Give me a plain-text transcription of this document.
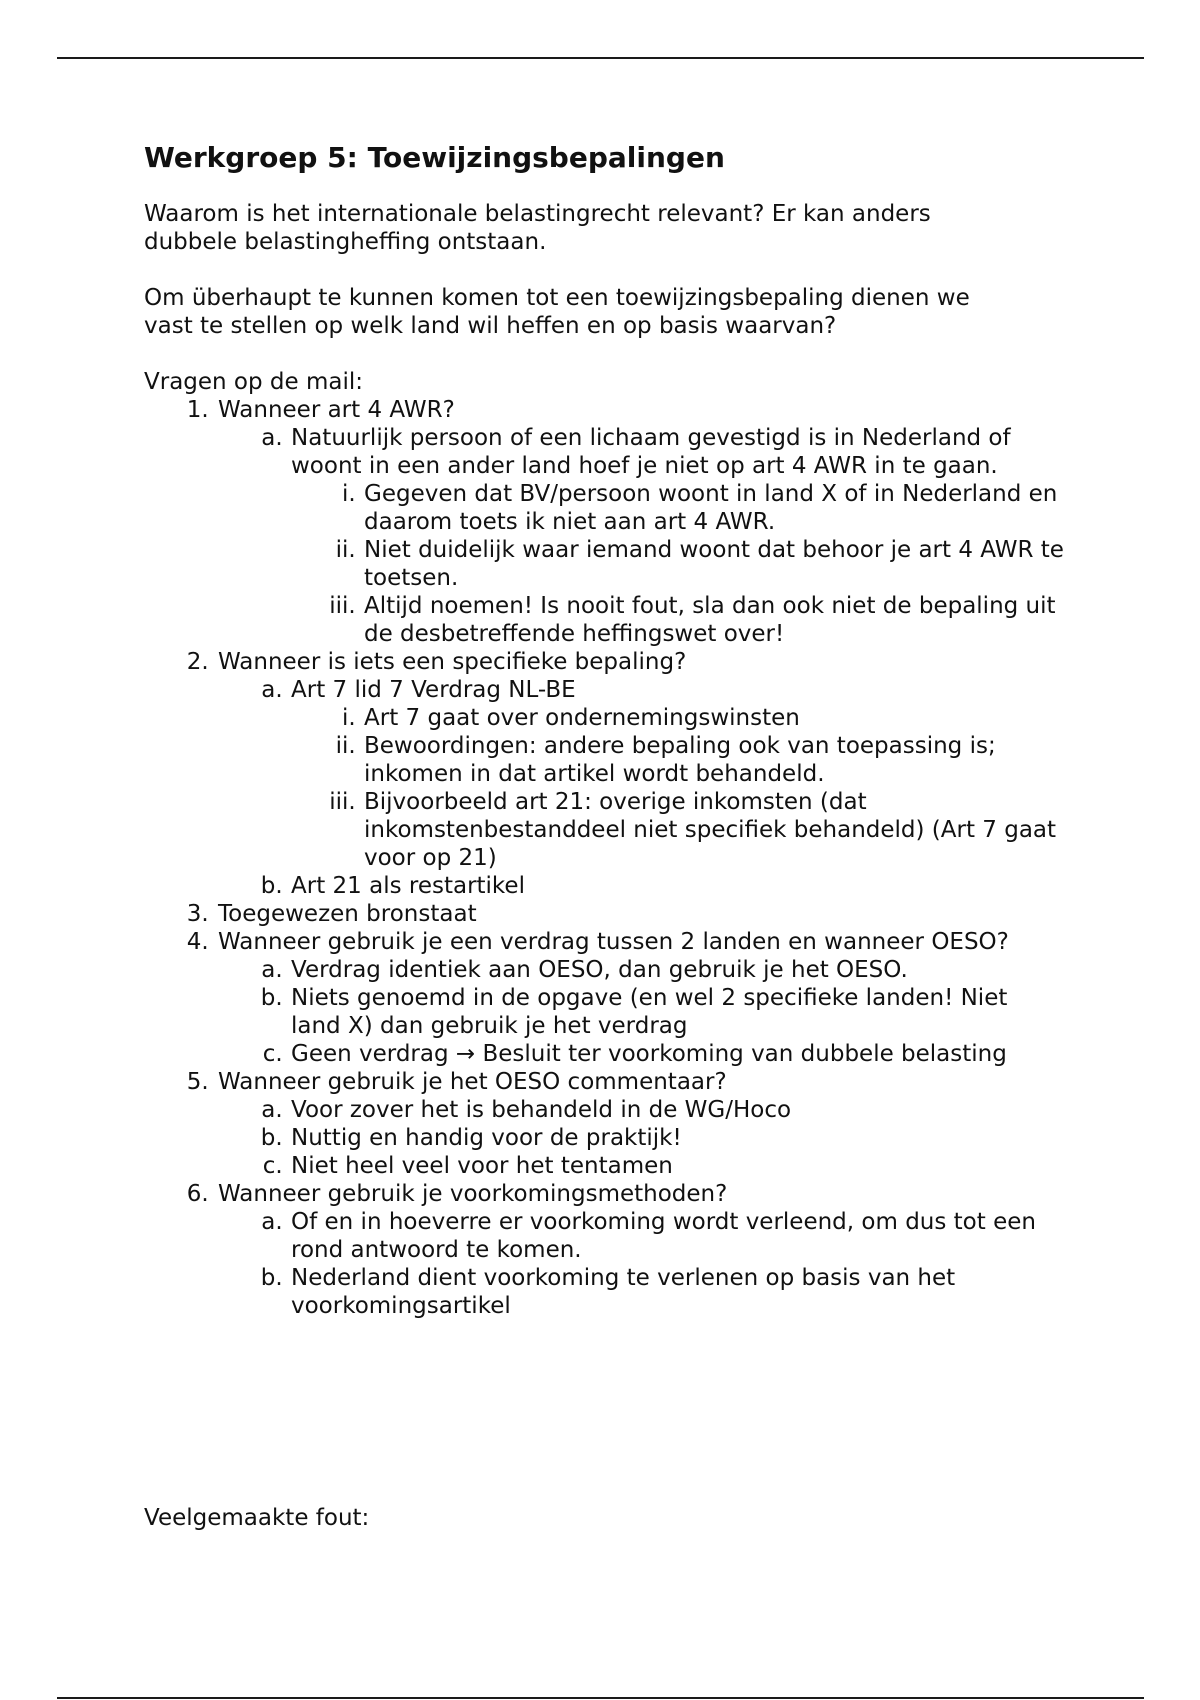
Werkgroep 5: Toewijzingsbepalingen
Waarom is het internationale belastingrecht relevant? Er kan anders
dubbele belastingheffing ontstaan.
Om überhaupt te kunnen komen tot een toewijzingsbepaling dienen we
vast te stellen op welk land wil heffen en op basis waarvan?

Vragen op de mail:

1. Wanneer art 4 AWR?
a. Natuurlijk persoon of een lichaam gevestigd is in Nederland of woont in een ander land hoef je niet op art 4 AWR in te gaan.
i. Gegeven dat BV/persoon woont in land X of in Nederland en daarom toets ik niet aan art 4 AWR.
ii. Niet duidelijk waar iemand woont dat behoor je art 4 AWR te toetsen.
iii. Altijd noemen! Is nooit fout, sla dan ook niet de bepaling uit de desbetreffende heffingswet over!
2. Wanneer is iets een specifieke bepaling?
a. Art 7 lid 7 Verdrag NL-BE
i. Art 7 gaat over ondernemingswinsten
ii. Bewoordingen: andere bepaling ook van toepassing is; inkomen in dat artikel wordt behandeld.
iii. Bijvoorbeeld art 21: overige inkomsten (dat inkomstenbestanddeel niet specifiek behandeld) (Art 7 gaat voor op 21)
b. Art 21 als restartikel
3. Toegewezen bronstaat
4. Wanneer gebruik je een verdrag tussen 2 landen en wanneer OESO?
a. Verdrag identiek aan OESO, dan gebruik je het OESO.
b. Niets genoemd in de opgave (en wel 2 specifieke landen! Niet land X) dan gebruik je het verdrag
c. Geen verdrag → Besluit ter voorkoming van dubbele belasting
5. Wanneer gebruik je het OESO commentaar?
a. Voor zover het is behandeld in de WG/Hoco
b. Nuttig en handig voor de praktijk!
c. Niet heel veel voor het tentamen
6. Wanneer gebruik je voorkomingsmethoden?
a. Of en in hoeverre er voorkoming wordt verleend, om dus tot een rond antwoord te komen.
b. Nederland dient voorkoming te verlenen op basis van het voorkomingsartikel
Veelgemaakte fout:
